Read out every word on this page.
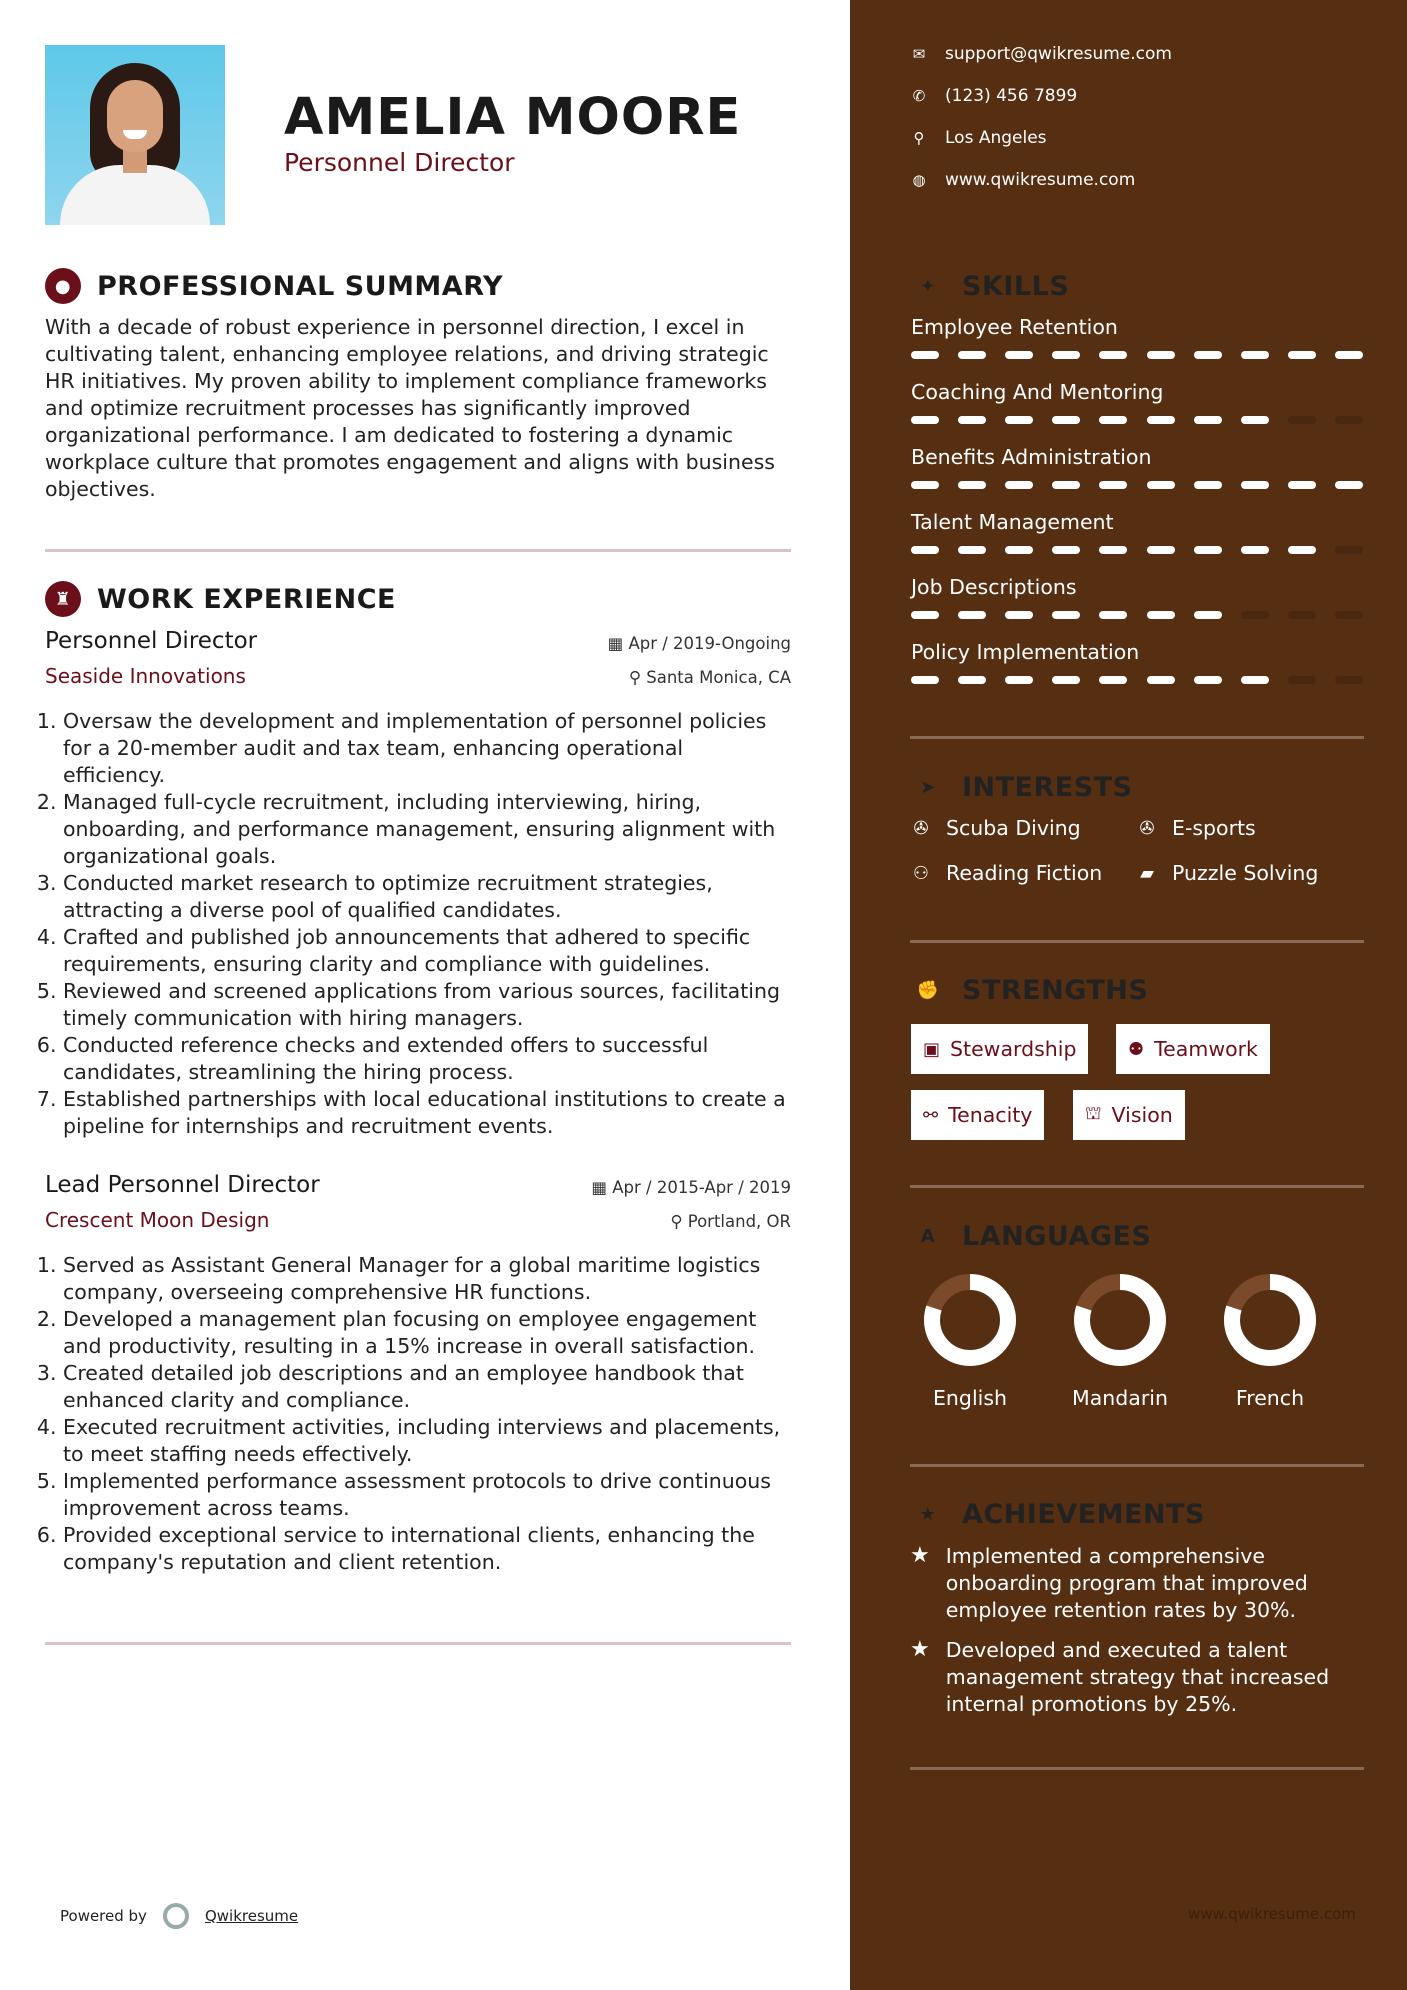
AMELIA MOORE
Personnel Director
● PROFESSIONAL SUMMARY
With a decade of robust experience in personnel direction, I excel in cultivating talent, enhancing employee relations, and driving strategic HR initiatives. My proven ability to implement compliance frameworks and optimize recruitment processes has significantly improved organizational performance. I am dedicated to fostering a dynamic workplace culture that promotes engagement and aligns with business objectives.
♜ WORK EXPERIENCE
Personnel Director
Seaside Innovations
▦ Apr / 2019-Ongoing
⚲ Santa Monica, CA
1. Oversaw the development and implementation of personnel policies for a 20-member audit and tax team, enhancing operational efficiency.
2. Managed full-cycle recruitment, including interviewing, hiring, onboarding, and performance management, ensuring alignment with organizational goals.
3. Conducted market research to optimize recruitment strategies, attracting a diverse pool of qualified candidates.
4. Crafted and published job announcements that adhered to specific requirements, ensuring clarity and compliance with guidelines.
5. Reviewed and screened applications from various sources, facilitating timely communication with hiring managers.
6. Conducted reference checks and extended offers to successful candidates, streamlining the hiring process.
7. Established partnerships with local educational institutions to create a pipeline for internships and recruitment events.
Lead Personnel Director
Crescent Moon Design
▦ Apr / 2015-Apr / 2019
⚲ Portland, OR
1. Served as Assistant General Manager for a global maritime logistics company, overseeing comprehensive HR functions.
2. Developed a management plan focusing on employee engagement and productivity, resulting in a 15% increase in overall satisfaction.
3. Created detailed job descriptions and an employee handbook that enhanced clarity and compliance.
4. Executed recruitment activities, including interviews and placements, to meet staffing needs effectively.
5. Implemented performance assessment protocols to drive continuous improvement across teams.
6. Provided exceptional service to international clients, enhancing the company's reputation and client retention.
Powered by	Qwikresume
✉ support@qwikresume.com
✆ (123) 456 7899
⚲ Los Angeles
◍ www.qwikresume.com
✦ SKILLS
Employee Retention
Coaching And Mentoring
Benefits Administration
Talent Management
Job Descriptions
Policy Implementation
➤ INTERESTS
✇ Scuba Diving	✇ E-sports
⚇ Reading Fiction ▰ Puzzle Solving
✊ STRENGTHS
▣ Stewardship	⚉ Teamwork
⚯ Tenacity	⛫ Vision
A LANGUAGES
English	Mandarin	French
★ ACHIEVEMENTS
★ Implemented a comprehensive onboarding program that improved employee retention rates by 30%.
★ Developed and executed a talent management strategy that increased internal promotions by 25%.
www.qwikresume.com
